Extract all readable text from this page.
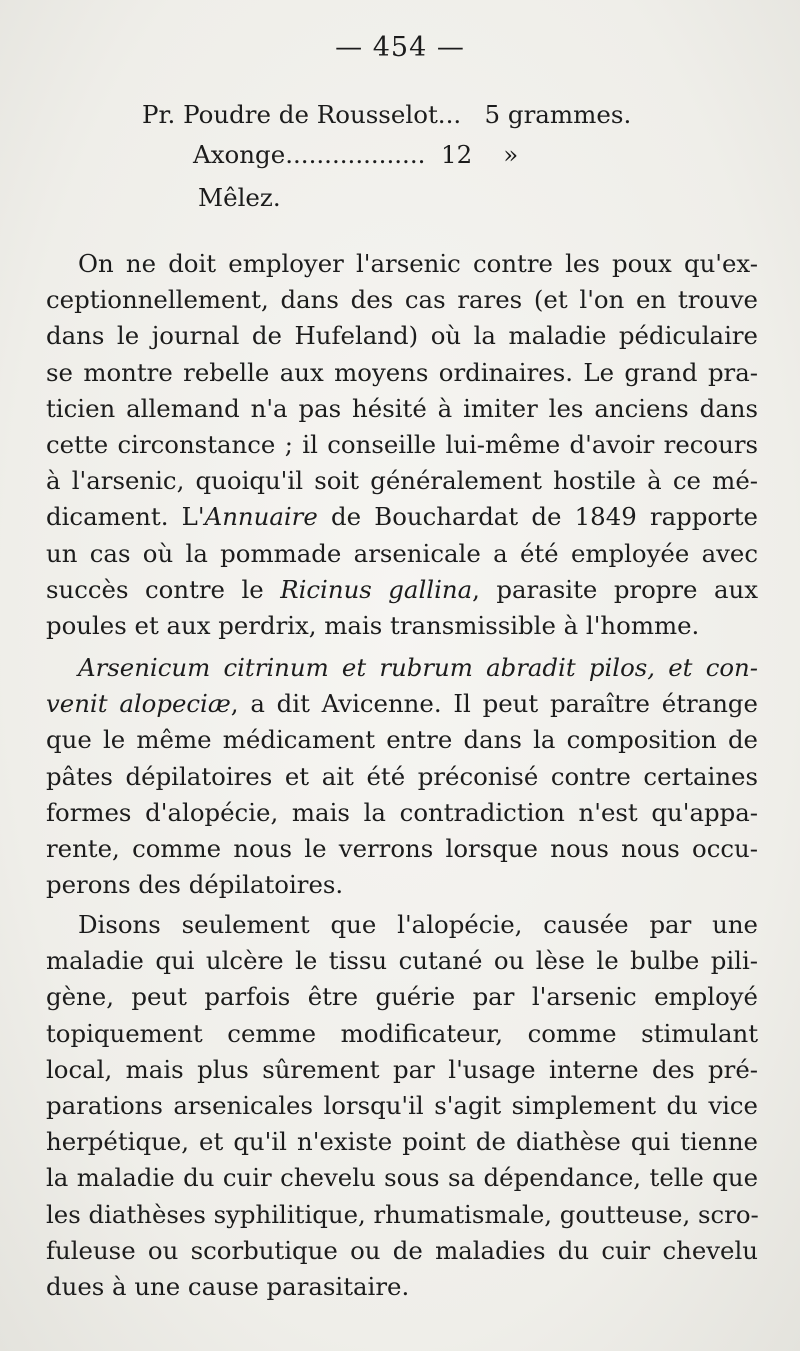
— 454 —
Pr. Poudre de Rousselot...   5 grammes.
Axonge..................  12    »
Mêlez.
On ne doit employer l'arsenic contre les poux qu'ex-
ceptionnellement, dans des cas rares (et l'on en trouve
dans le journal de Hufeland) où la maladie pédiculaire
se montre rebelle aux moyens ordinaires. Le grand pra-
ticien allemand n'a pas hésité à imiter les anciens dans
cette circonstance ; il conseille lui-même d'avoir recours
à l'arsenic, quoiqu'il soit généralement hostile à ce mé-
dicament. L'Annuaire de Bouchardat de 1849 rapporte
un cas où la pommade arsenicale a été employée avec
succès contre le Ricinus gallina, parasite propre aux
poules et aux perdrix, mais transmissible à l'homme.
Arsenicum citrinum et rubrum abradit pilos, et con-
venit alopeciæ, a dit Avicenne. Il peut paraître étrange
que le même médicament entre dans la composition de
pâtes dépilatoires et ait été préconisé contre certaines
formes d'alopécie, mais la contradiction n'est qu'appa-
rente, comme nous le verrons lorsque nous nous occu-
perons des dépilatoires.
Disons seulement que l'alopécie, causée par une
maladie qui ulcère le tissu cutané ou lèse le bulbe pili-
gène, peut parfois être guérie par l'arsenic employé
topiquement cemme modificateur, comme stimulant
local, mais plus sûrement par l'usage interne des pré-
parations arsenicales lorsqu'il s'agit simplement du vice
herpétique, et qu'il n'existe point de diathèse qui tienne
la maladie du cuir chevelu sous sa dépendance, telle que
les diathèses syphilitique, rhumatismale, goutteuse, scro-
fuleuse ou scorbutique ou de maladies du cuir chevelu
dues à une cause parasitaire.
